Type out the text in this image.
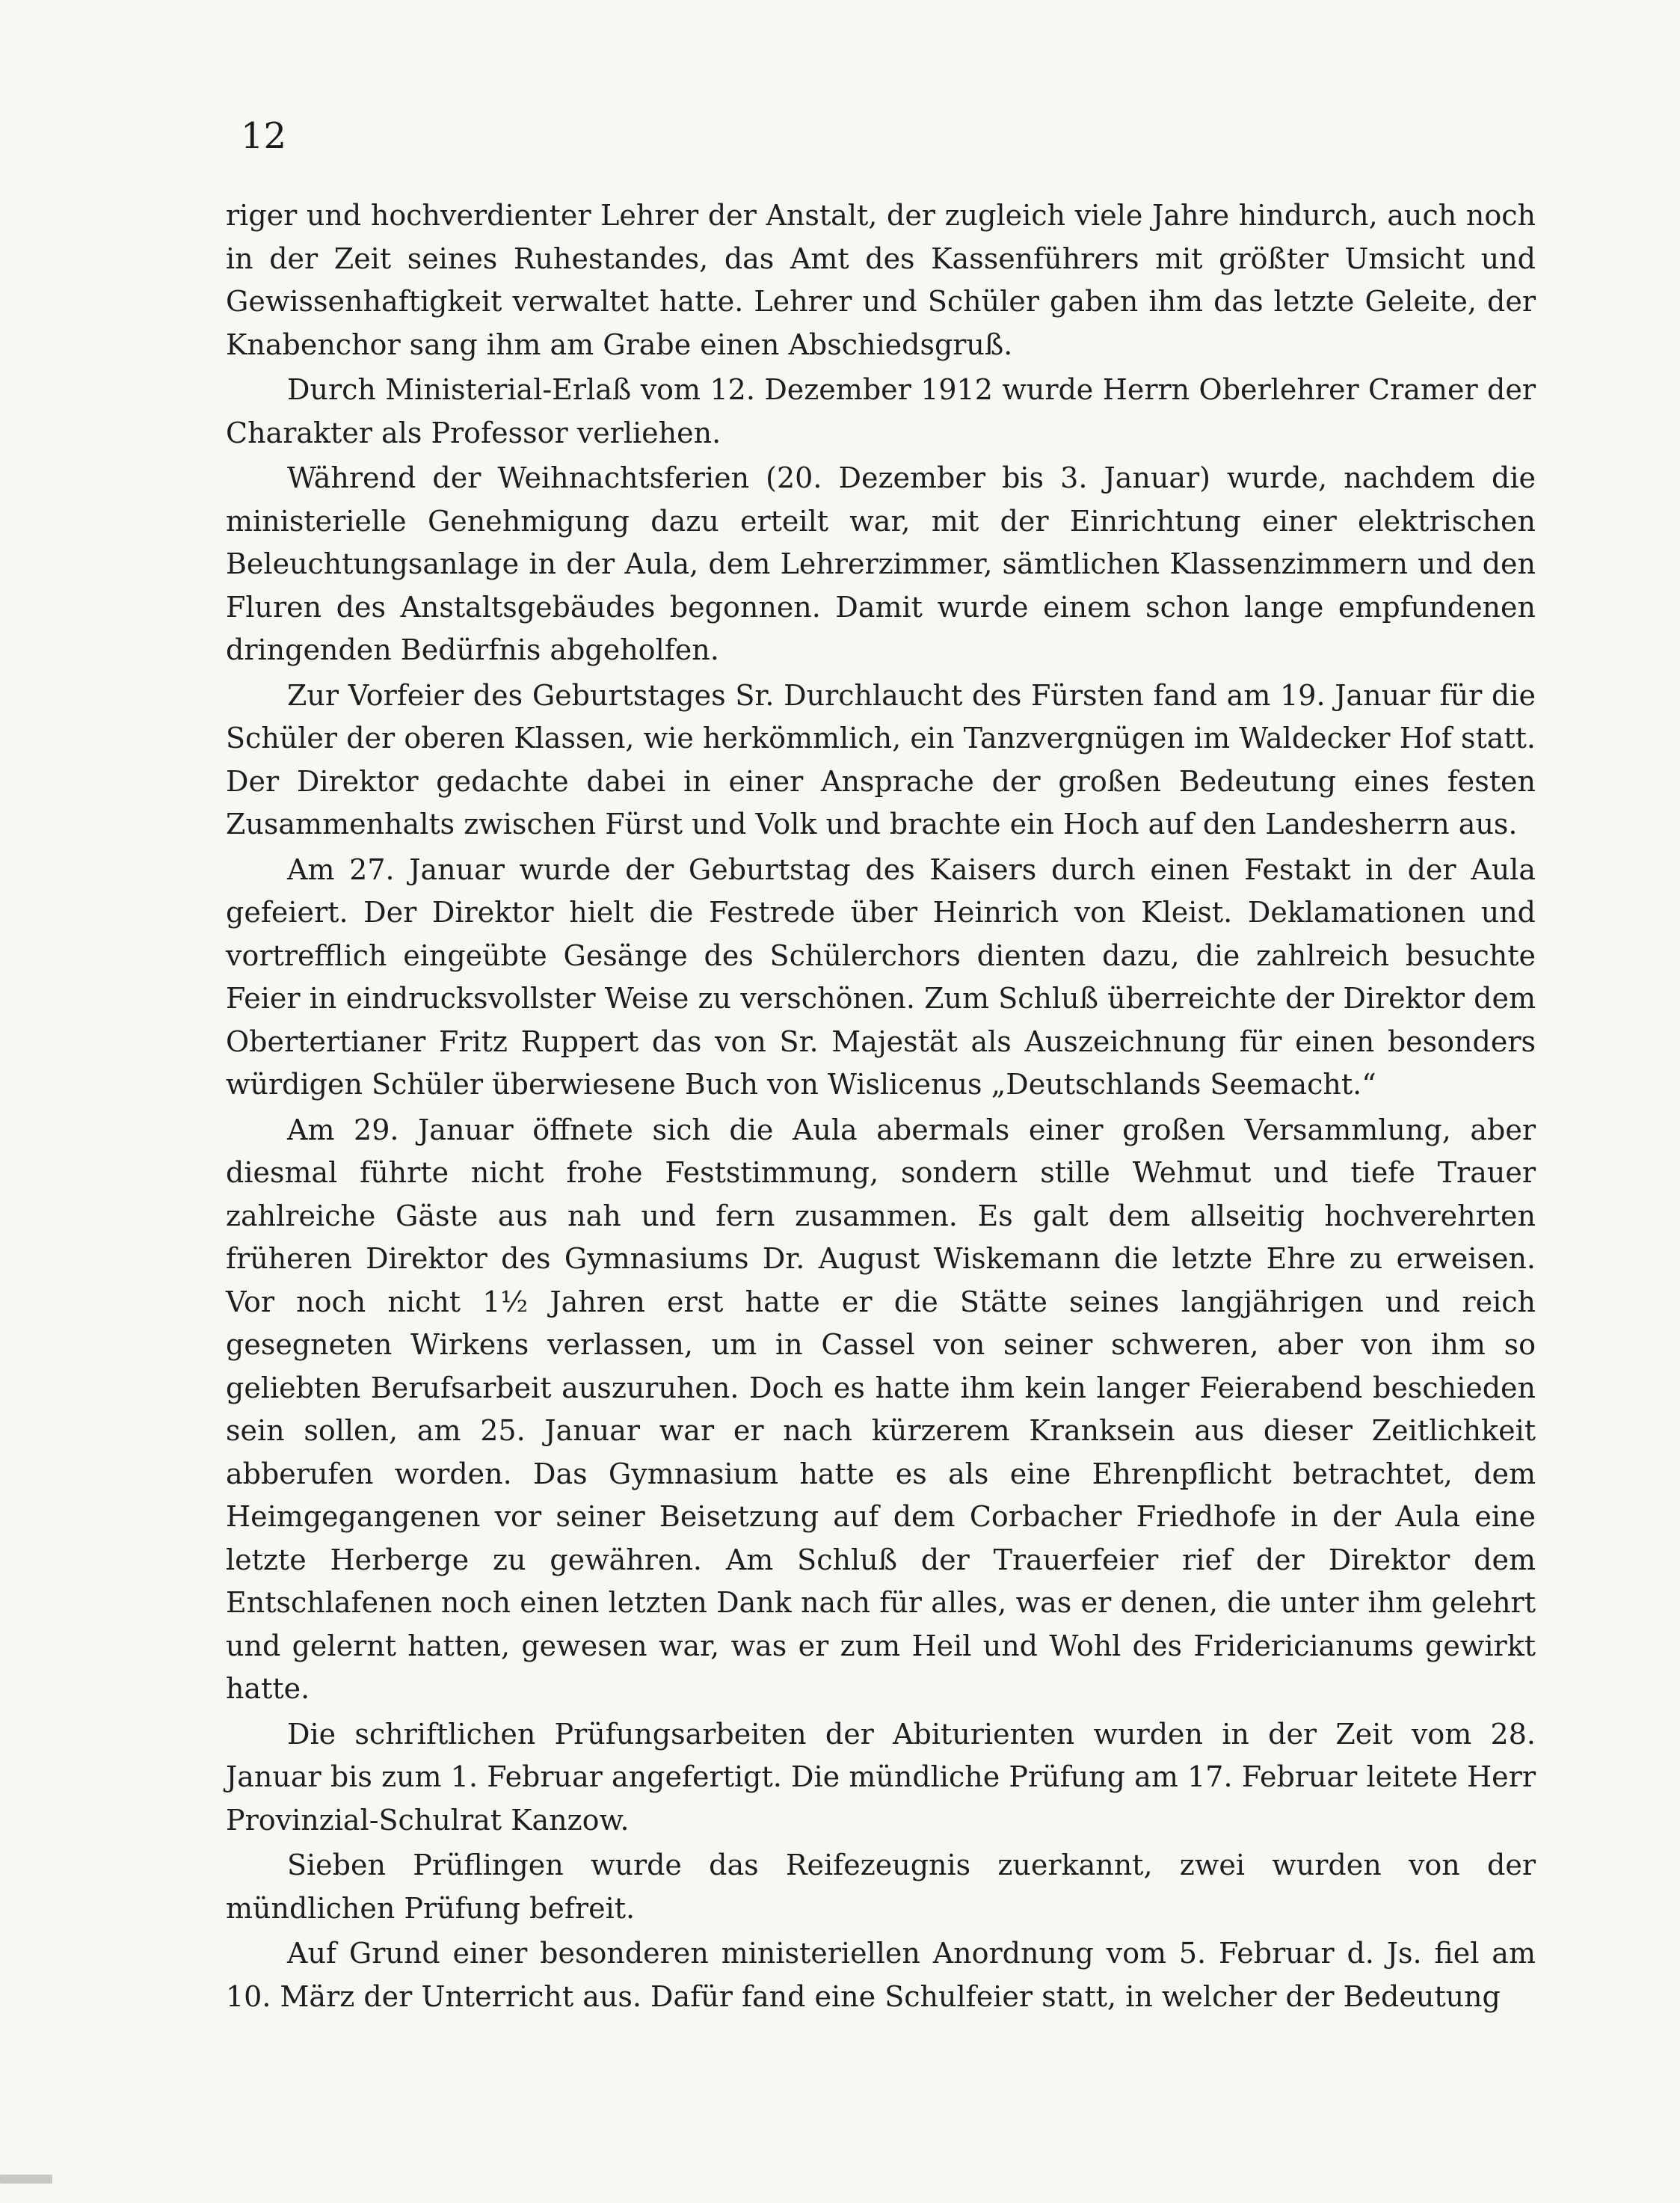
12

riger und hochverdienter Lehrer der Anstalt, der zugleich viele Jahre hindurch, auch noch in der Zeit seines Ruhestandes, das Amt des Kassenführers mit größter Umsicht und Gewissenhaftigkeit verwaltet hatte. Lehrer und Schüler gaben ihm das letzte Geleite, der Knabenchor sang ihm am Grabe einen Abschiedsgruß.

Durch Ministerial-Erlaß vom 12. Dezember 1912 wurde Herrn Oberlehrer Cramer der Charakter als Professor verliehen.

Während der Weihnachtsferien (20. Dezember bis 3. Januar) wurde, nachdem die ministerielle Genehmigung dazu erteilt war, mit der Einrichtung einer elektrischen Beleuchtungsanlage in der Aula, dem Lehrerzimmer, sämtlichen Klassenzimmern und den Fluren des Anstaltsgebäudes begonnen. Damit wurde einem schon lange empfundenen dringenden Bedürfnis abgeholfen.

Zur Vorfeier des Geburtstages Sr. Durchlaucht des Fürsten fand am 19. Januar für die Schüler der oberen Klassen, wie herkömmlich, ein Tanzvergnügen im Waldecker Hof statt. Der Direktor gedachte dabei in einer Ansprache der großen Bedeutung eines festen Zusammenhalts zwischen Fürst und Volk und brachte ein Hoch auf den Landesherrn aus.

Am 27. Januar wurde der Geburtstag des Kaisers durch einen Festakt in der Aula gefeiert. Der Direktor hielt die Festrede über Heinrich von Kleist. Deklamationen und vortrefflich eingeübte Gesänge des Schülerchors dienten dazu, die zahlreich besuchte Feier in eindrucksvollster Weise zu verschönen. Zum Schluß überreichte der Direktor dem Obertertianer Fritz Ruppert das von Sr. Majestät als Auszeichnung für einen besonders würdigen Schüler überwiesene Buch von Wislicenus „Deutschlands Seemacht.“

Am 29. Januar öffnete sich die Aula abermals einer großen Versammlung, aber diesmal führte nicht frohe Feststimmung, sondern stille Wehmut und tiefe Trauer zahlreiche Gäste aus nah und fern zusammen. Es galt dem allseitig hochverehrten früheren Direktor des Gymnasiums Dr. August Wiskemann die letzte Ehre zu erweisen. Vor noch nicht 1½ Jahren erst hatte er die Stätte seines langjährigen und reich gesegneten Wirkens verlassen, um in Cassel von seiner schweren, aber von ihm so geliebten Berufsarbeit auszuruhen. Doch es hatte ihm kein langer Feierabend beschieden sein sollen, am 25. Januar war er nach kürzerem Kranksein aus dieser Zeitlichkeit abberufen worden. Das Gymnasium hatte es als eine Ehrenpflicht betrachtet, dem Heimgegangenen vor seiner Beisetzung auf dem Corbacher Friedhofe in der Aula eine letzte Herberge zu gewähren. Am Schluß der Trauerfeier rief der Direktor dem Entschlafenen noch einen letzten Dank nach für alles, was er denen, die unter ihm gelehrt und gelernt hatten, gewesen war, was er zum Heil und Wohl des Fridericianums gewirkt hatte.

Die schriftlichen Prüfungsarbeiten der Abiturienten wurden in der Zeit vom 28. Januar bis zum 1. Februar angefertigt. Die mündliche Prüfung am 17. Februar leitete Herr Provinzial-Schulrat Kanzow.

Sieben Prüflingen wurde das Reifezeugnis zuerkannt, zwei wurden von der mündlichen Prüfung befreit.

Auf Grund einer besonderen ministeriellen Anordnung vom 5. Februar d. Js. fiel am 10. März der Unterricht aus. Dafür fand eine Schulfeier statt, in welcher der Bedeutung
